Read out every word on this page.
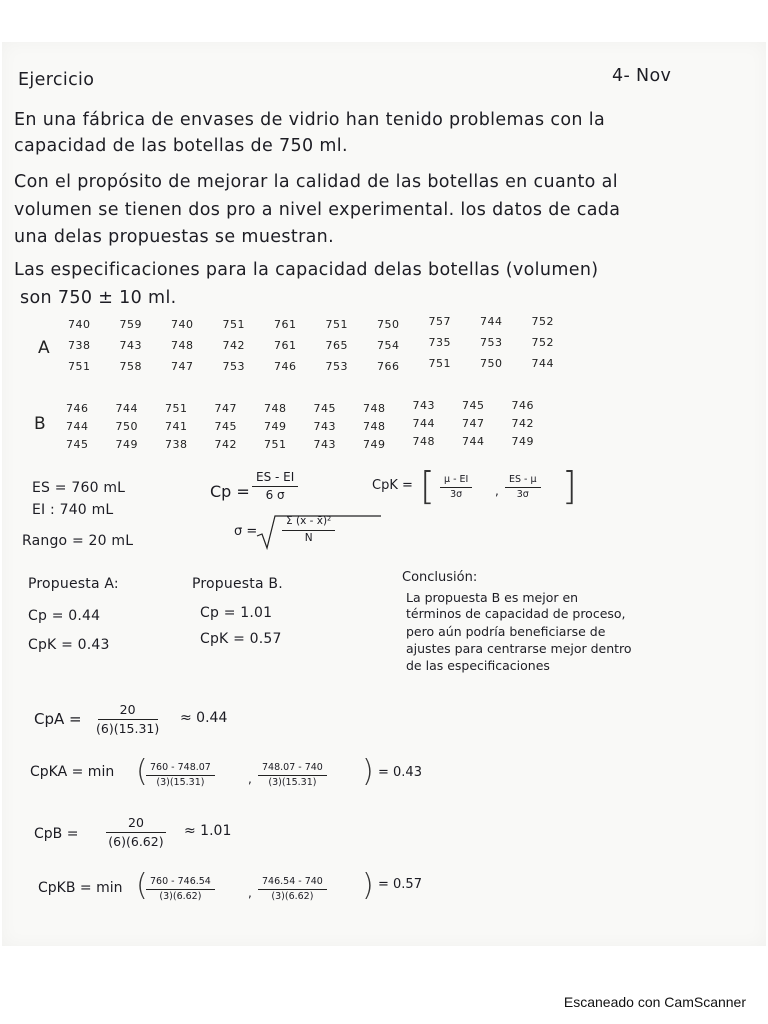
Ejercicio	4- Nov
En una fábrica de envases de vidrio han tenido problemas con la
capacidad de las botellas de 750 ml.
Con el propósito de mejorar la calidad de las botellas en cuanto al
volumen se tienen dos pro a nivel experimental. los datos de cada
una delas propuestas se muestran.
Las especificaciones para la capacidad delas botellas (volumen)
son 750 ± 10 ml.
A
740	759	740	751	761	751	750	757	744	752
738	743	748	742	761	765	754	735	753	752
751	758	747	753	746	753	766	751	750	744
B
746 744 751 747 748 745 748 743 745 746
744 750 741 745 749 743 748 744 747 742
745 749 738 742 751 743 749 748 744 749
ES = 760 mL
EI : 740 mL
Rango = 20 mL
$Cp = \frac{ES - EI}{6 \sigma}$	CpK = [ $\frac{\mu - EI}{3\sigma}$ , $\frac{ES - \mu}{3\sigma}$ ]
$\sigma = \frac{\text{Σ (x - x̄)²}}{N}$
Propuesta A:
Cp = 0.44
CpK = 0.43
Propuesta B.
Cp = 1.01
CpK = 0.57
Conclusión:
La propuesta B es mejor en
términos de capacidad de proceso,
pero aún podría beneficiarse de
ajustes para centrarse mejor dentro
de las especificaciones
CpA = $\frac{20}{(6)(15.31)} \approx 0.44$
CpKA = min (
$\frac{760 - 748.07}{(3)(15.31)}$	, $\frac{748.07 - 740}{(3)(15.31)}$ ) = 0.43
CpB = $\frac{20}{(6)(6.62)} \approx 1.01$
CpKB = min (
$\frac{760 - 746.54}{(3)(6.62)}$	, $\frac{746.54 - 740}{(3)(6.62)}$ ) = 0.57
Escaneado con CamScanner
